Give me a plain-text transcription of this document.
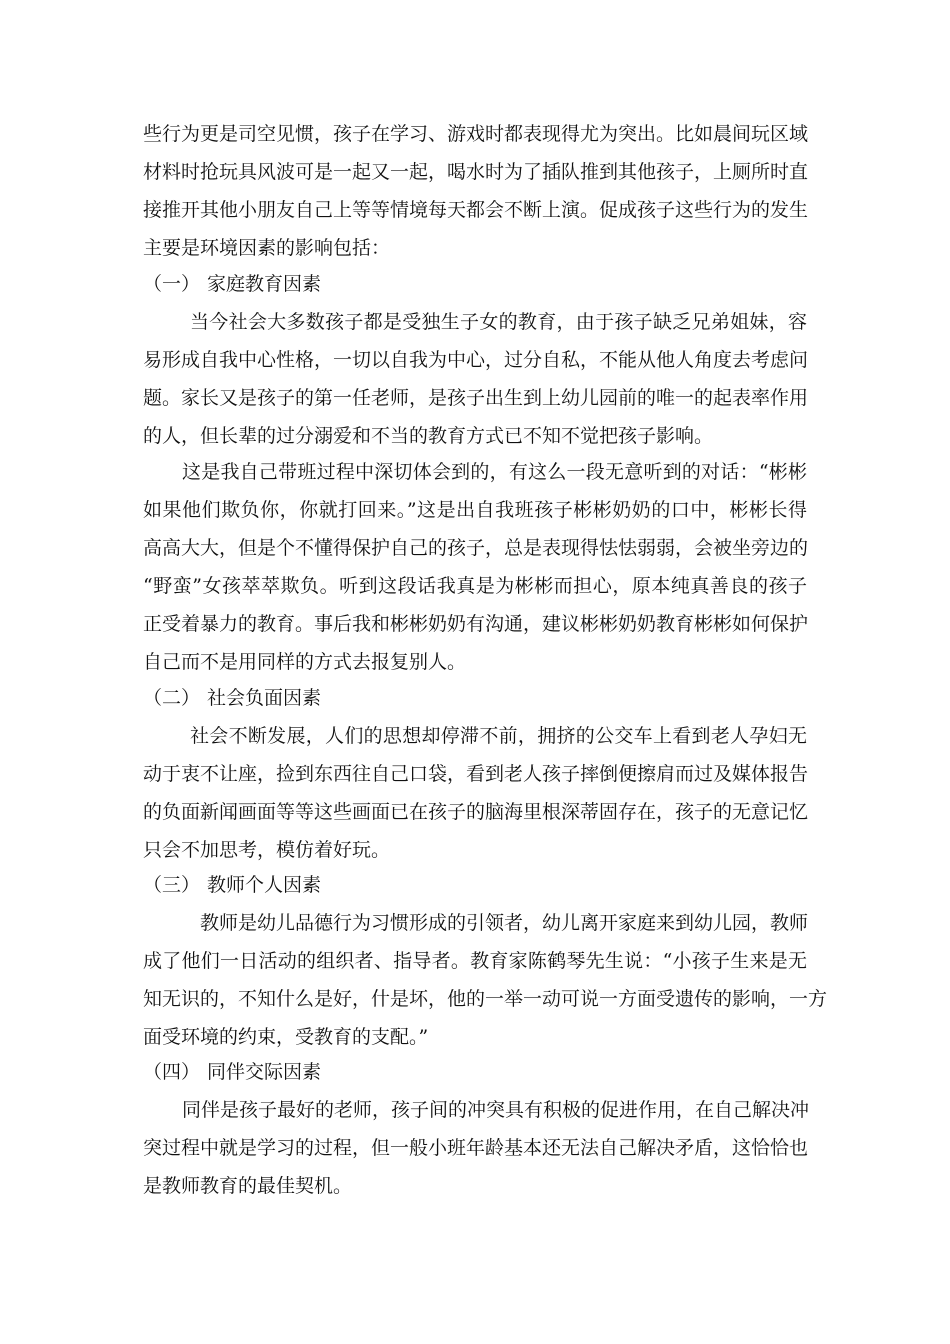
些行为更是司空见惯，孩子在学习、游戏时都表现得尤为突出。比如晨间玩区域

材料时抢玩具风波可是一起又一起，喝水时为了插队推到其他孩子，上厕所时直

接推开其他小朋友自己上等等情境每天都会不断上演。促成孩子这些行为的发生

主要是环境因素的影响包括：

（一） 家庭教育因素

当今社会大多数孩子都是受独生子女的教育，由于孩子缺乏兄弟姐妹，容

易形成自我中心性格，一切以自我为中心，过分自私，不能从他人角度去考虑问

题。家长又是孩子的第一任老师，是孩子出生到上幼儿园前的唯一的起表率作用

的人，但长辈的过分溺爱和不当的教育方式已不知不觉把孩子影响。

这是我自己带班过程中深切体会到的，有这么一段无意听到的对话：“彬彬

如果他们欺负你，你就打回来。”这是出自我班孩子彬彬奶奶的口中，彬彬长得

高高大大，但是个不懂得保护自己的孩子，总是表现得怯怯弱弱，会被坐旁边的

“野蛮”女孩萃萃欺负。听到这段话我真是为彬彬而担心，原本纯真善良的孩子

正受着暴力的教育。事后我和彬彬奶奶有沟通，建议彬彬奶奶教育彬彬如何保护

自己而不是用同样的方式去报复别人。

（二） 社会负面因素

社会不断发展，人们的思想却停滞不前，拥挤的公交车上看到老人孕妇无

动于衷不让座，捡到东西往自己口袋，看到老人孩子摔倒便擦肩而过及媒体报告

的负面新闻画面等等这些画面已在孩子的脑海里根深蒂固存在，孩子的无意记忆

只会不加思考，模仿着好玩。

（三） 教师个人因素

教师是幼儿品德行为习惯形成的引领者，幼儿离开家庭来到幼儿园，教师

成了他们一日活动的组织者、指导者。教育家陈鹤琴先生说：“小孩子生来是无

知无识的，不知什么是好，什是坏，他的一举一动可说一方面受遗传的影响，一方

面受环境的约束，受教育的支配。”

（四） 同伴交际因素

同伴是孩子最好的老师，孩子间的冲突具有积极的促进作用，在自己解决冲

突过程中就是学习的过程，但一般小班年龄基本还无法自己解决矛盾，这恰恰也

是教师教育的最佳契机。
